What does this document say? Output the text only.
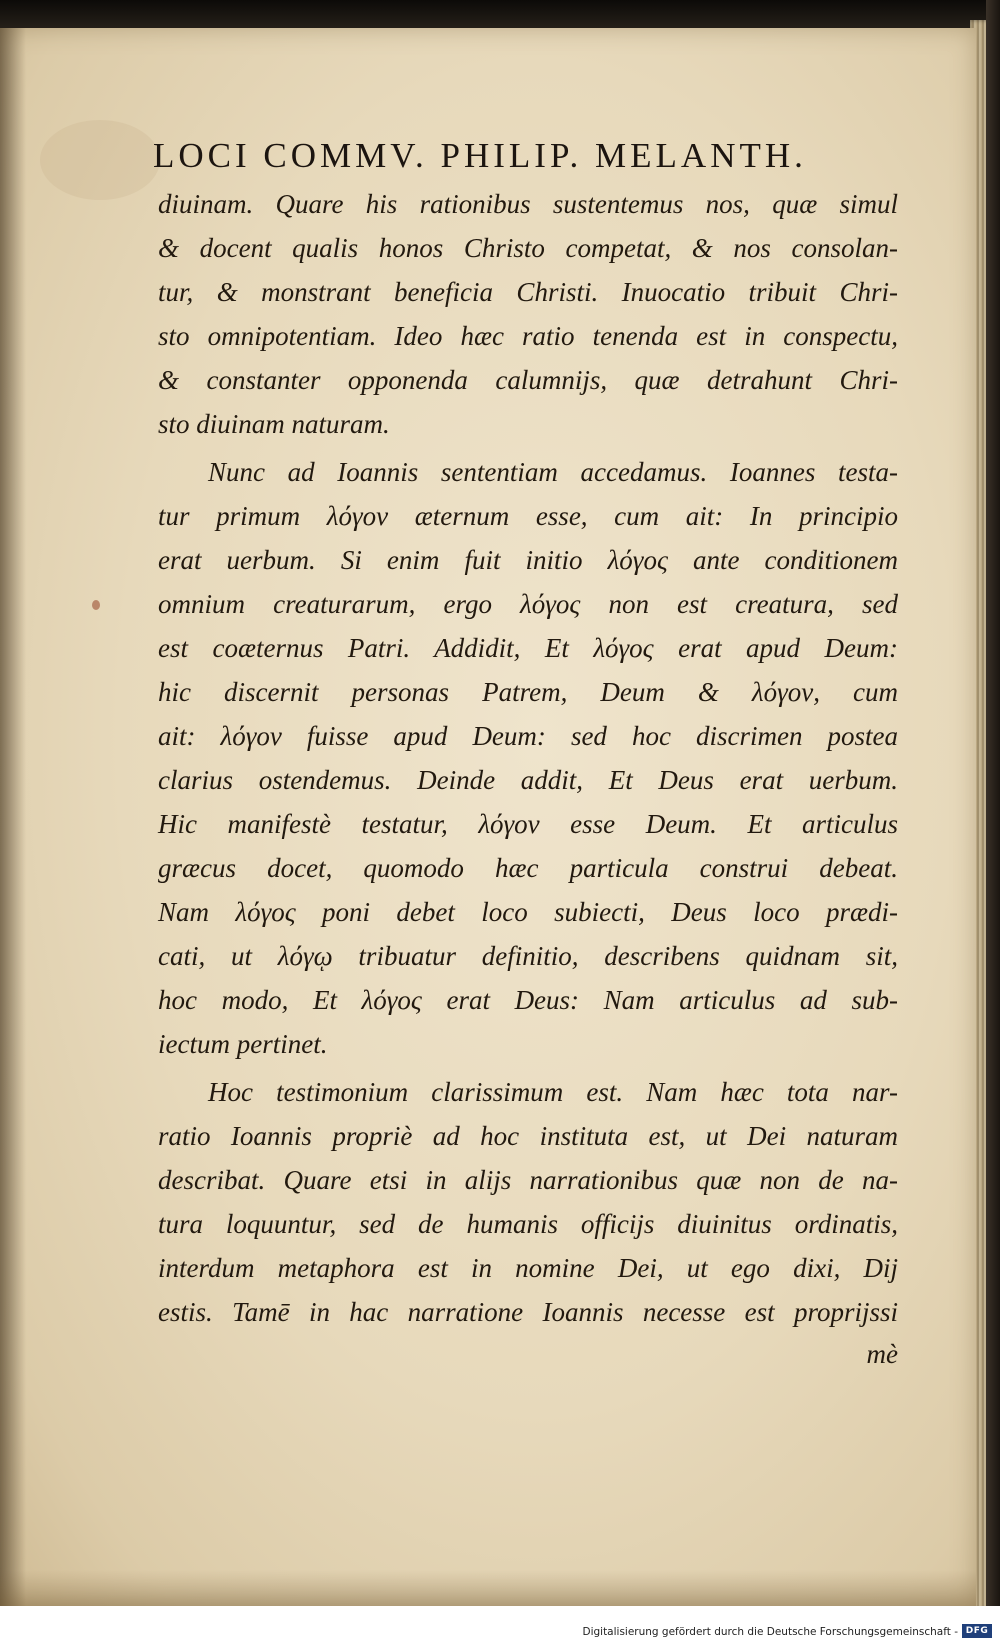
LOCI COMMV. PHILIP. MELANTH.
diuinam. Quare his rationibus sustentemus nos, quæ simul
& docent qualis honos Christo competat, & nos consolan-
tur, & monstrant beneficia Christi. Inuocatio tribuit Chri-
sto omnipotentiam. Ideo hæc ratio tenenda est in conspectu,
& constanter opponenda calumnijs, quæ detrahunt Chri-
sto diuinam naturam.
Nunc ad Ioannis sententiam accedamus. Ioannes testa-
tur primum λόγον æternum esse, cum ait: In principio
erat uerbum. Si enim fuit initio λόγος ante conditionem
omnium creaturarum, ergo λόγος non est creatura, sed
est coæternus Patri. Addidit, Et λόγος erat apud Deum:
hic discernit personas Patrem, Deum & λόγον, cum
ait: λόγον fuisse apud Deum: sed hoc discrimen postea
clarius ostendemus. Deinde addit, Et Deus erat uerbum.
Hic manifestè testatur, λόγον esse Deum. Et articulus
græcus docet, quomodo hæc particula construi debeat.
Nam λόγος poni debet loco subiecti, Deus loco prædi-
cati, ut λόγῳ tribuatur definitio, describens quidnam sit,
hoc modo, Et λόγος erat Deus: Nam articulus ad sub-
iectum pertinet.
Hoc testimonium clarissimum est. Nam hæc tota nar-
ratio Ioannis propriè ad hoc instituta est, ut Dei naturam
describat. Quare etsi in alijs narrationibus quæ non de na-
tura loquuntur, sed de humanis officijs diuinitus ordinatis,
interdum metaphora est in nomine Dei, ut ego dixi, Dij
estis. Tamē in hac narratione Ioannis necesse est proprijssi
mè
Digitalisierung gefördert durch die Deutsche Forschungsgemeinschaft - DFG
